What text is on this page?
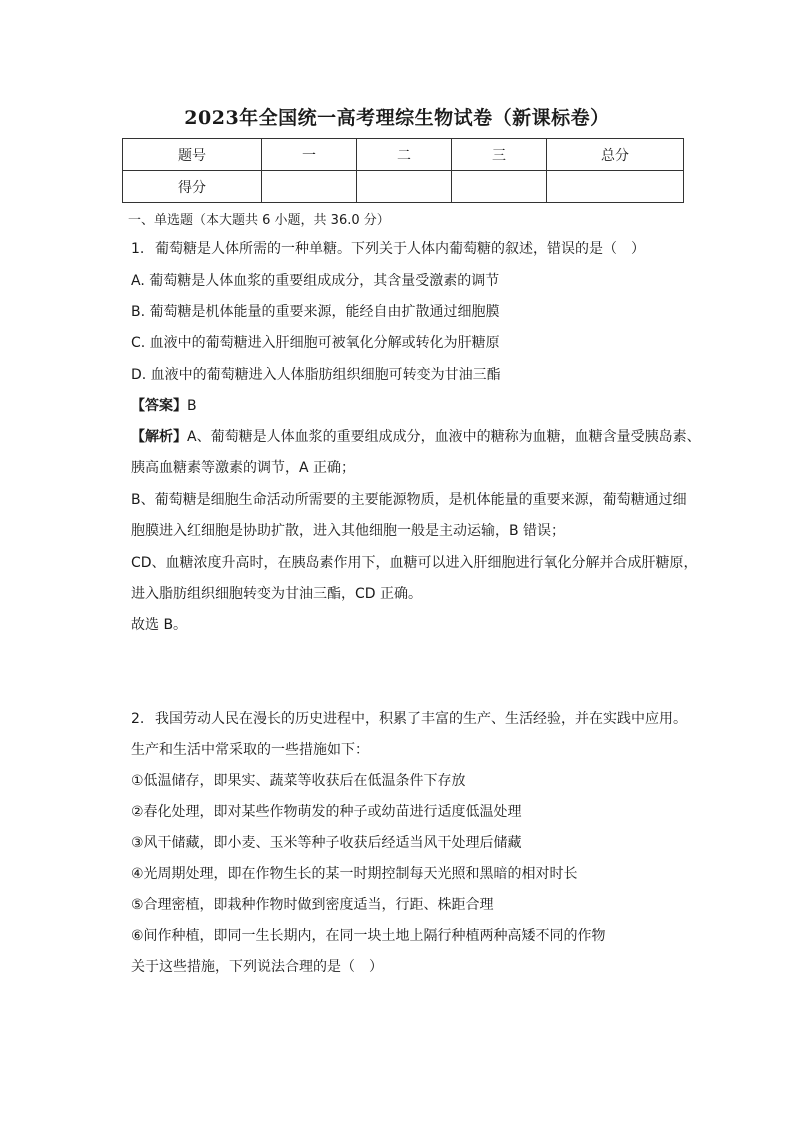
2023年全国统一高考理综生物试卷（新课标卷）
题号	一	二	三	总分
得分				
一、单选题（本大题共 6 小题，共 36.0 分）
1. 葡萄糖是人体所需的一种单糖。下列关于人体内葡萄糖的叙述，错误的是（　）
A. 葡萄糖是人体血浆的重要组成成分，其含量受激素的调节
B. 葡萄糖是机体能量的重要来源，能经自由扩散通过细胞膜
C. 血液中的葡萄糖进入肝细胞可被氧化分解或转化为肝糖原
D. 血液中的葡萄糖进入人体脂肪组织细胞可转变为甘油三酯
【答案】B
【解析】A、葡萄糖是人体血浆的重要组成成分，血液中的糖称为血糖，血糖含量受胰岛素、
胰高血糖素等激素的调节，A 正确；
B、葡萄糖是细胞生命活动所需要的主要能源物质，是机体能量的重要来源，葡萄糖通过细
胞膜进入红细胞是协助扩散，进入其他细胞一般是主动运输，B 错误；
CD、血糖浓度升高时，在胰岛素作用下，血糖可以进入肝细胞进行氧化分解并合成肝糖原，
进入脂肪组织细胞转变为甘油三酯，CD 正确。
故选 B。
2. 我国劳动人民在漫长的历史进程中，积累了丰富的生产、生活经验，并在实践中应用。
生产和生活中常采取的一些措施如下：
①低温储存，即果实、蔬菜等收获后在低温条件下存放
②春化处理，即对某些作物萌发的种子或幼苗进行适度低温处理
③风干储藏，即小麦、玉米等种子收获后经适当风干处理后储藏
④光周期处理，即在作物生长的某一时期控制每天光照和黑暗的相对时长
⑤合理密植，即栽种作物时做到密度适当，行距、株距合理
⑥间作种植，即同一生长期内，在同一块土地上隔行种植两种高矮不同的作物
关于这些措施，下列说法合理的是（　）
